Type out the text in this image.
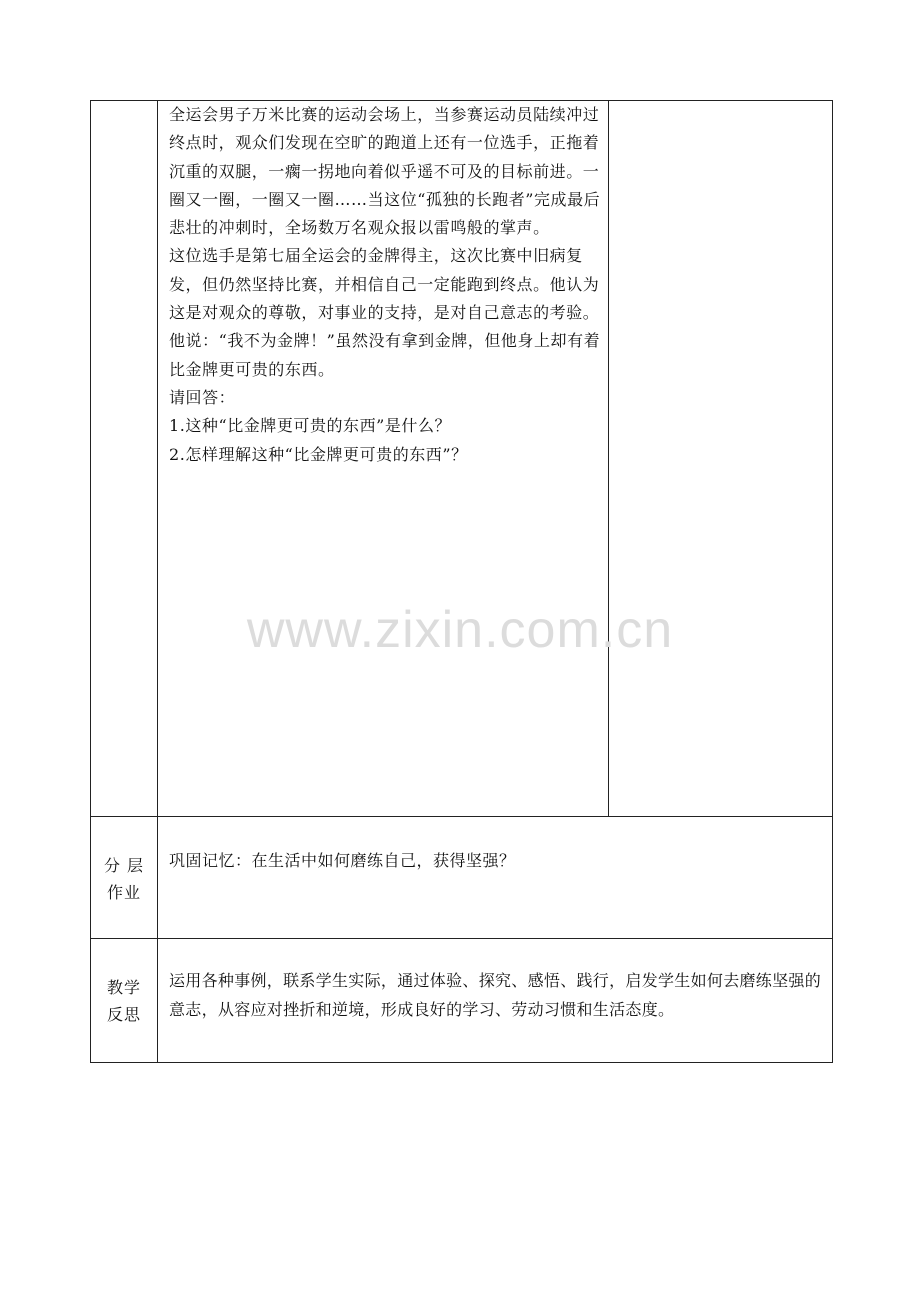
	全运会男子万米比赛的运动会场上，当参赛运动员陆续冲过终点时，观众们发现在空旷的跑道上还有一位选手，正拖着沉重的双腿，一瘸一拐地向着似乎遥不可及的目标前进。一圈又一圈，一圈又一圈……当这位“孤独的长跑者”完成最后悲壮的冲刺时，全场数万名观众报以雷鸣般的掌声。

这位选手是第七届全运会的金牌得主，这次比赛中旧病复发，但仍然坚持比赛，并相信自己一定能跑到终点。他认为这是对观众的尊敬，对事业的支持，是对自己意志的考验。他说：“我不为金牌！”虽然没有拿到金牌，但他身上却有着比金牌更可贵的东西。

请回答：

1.这种“比金牌更可贵的东西”是什么？

2.怎样理解这种“比金牌更可贵的东西”？	

分 层
作业	巩固记忆：在生活中如何磨练自己，获得坚强？	

教学
反思	运用各种事例，联系学生实际，通过体验、探究、感悟、践行，启发学生如何去磨练坚强的意志，从容应对挫折和逆境，形成良好的学习、劳动习惯和生活态度。	
www.zixin.com.cn
